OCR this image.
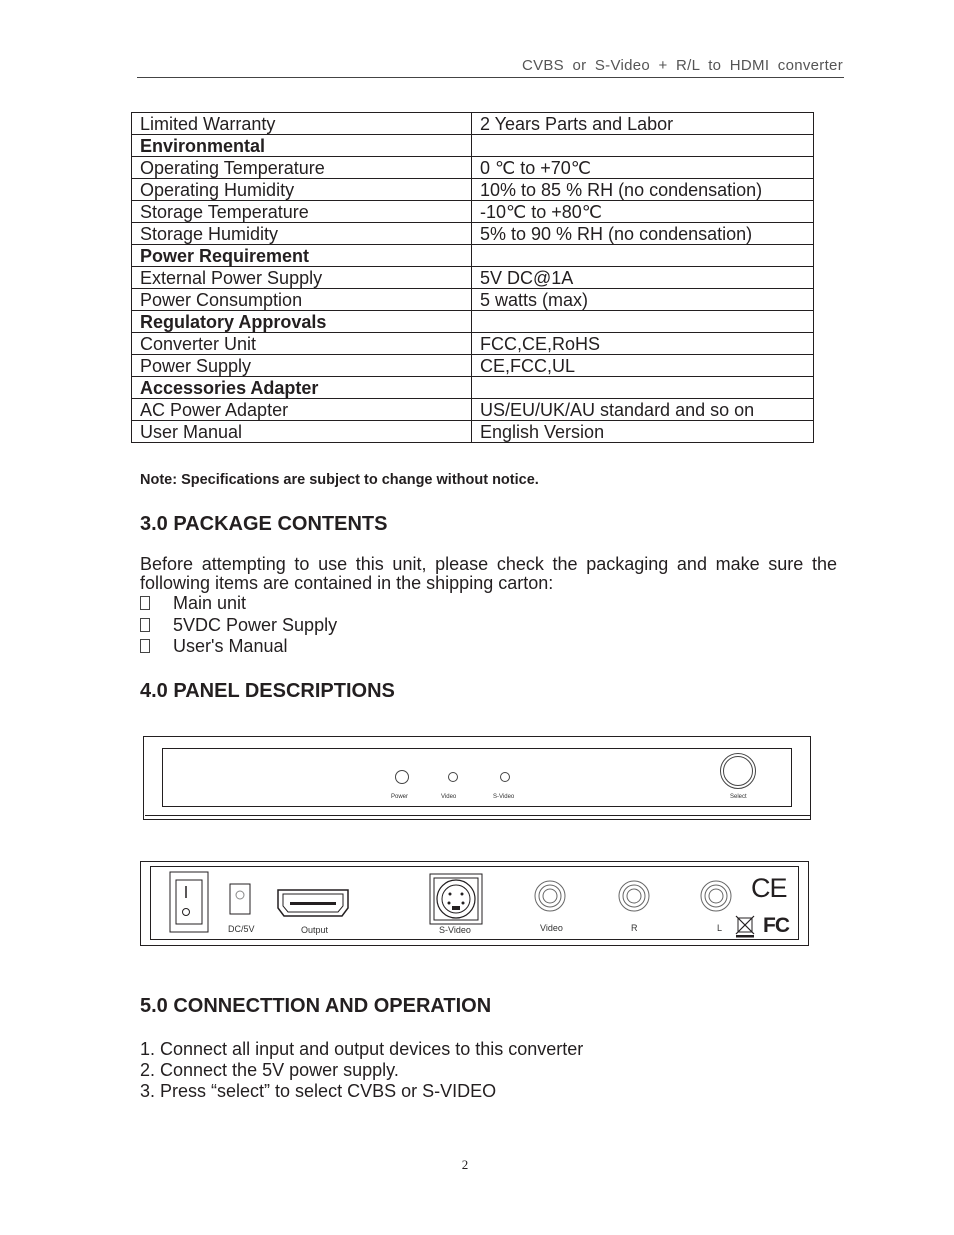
CVBS or S-Video + R/L to HDMI converter
Limited Warranty	2 Years Parts and Labor
Environmental	
Operating Temperature	0 ℃ to +70℃
Operating Humidity	10% to 85 % RH (no condensation)
Storage Temperature	-10℃ to +80℃
Storage Humidity	5% to 90 % RH (no condensation)
Power Requirement	
External Power Supply	5V DC@1A
Power Consumption	5 watts (max)
Regulatory Approvals	
Converter Unit	FCC,CE,RoHS
Power Supply	CE,FCC,UL
Accessories Adapter	
AC Power Adapter	US/EU/UK/AU standard and so on
User Manual	English Version
Note: Specifications are subject to change without notice.
3.0 PACKAGE CONTENTS
Before attempting to use this unit, please check the packaging and make sure the following items are contained in the shipping carton:
Main unit
5VDC Power Supply
User's Manual
4.0 PANEL DESCRIPTIONS
Power	Video	S-Video	Select
DC/5V	Output	S-Video	Video	R	L
CE
FC
5.0 CONNECTTION AND OPERATION
1. Connect all input and output devices to this converter
2. Connect the 5V power supply.
3. Press “select” to select CVBS or S-VIDEO
2
